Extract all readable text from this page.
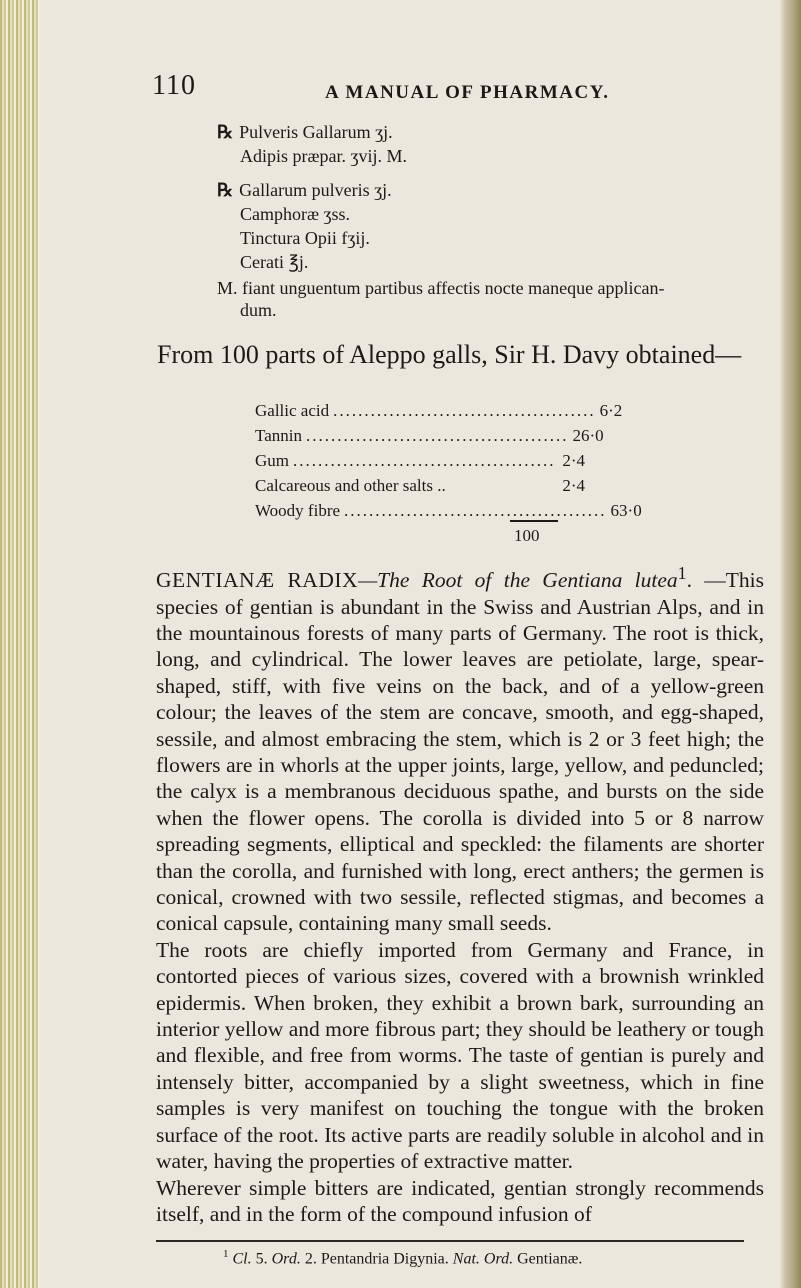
110	A MANUAL OF PHARMACY.
℞ Pulveris Gallarum ʒj.
Adipis præpar. ʒvij. M.
℞ Gallarum pulveris ʒj.
Camphoræ ʒss.
Tinctura Opii fʒij.
Cerati ℥j.
M. fiant unguentum partibus affectis nocte maneque applican-
dum.
From 100 parts of Aleppo galls, Sir H. Davy obtained—
Gallic acid .......................................... 6·2
Tannin .......................................... 26·0
Gum .......................................... 2·4
Calcareous and other salts ..	2·4
Woody fibre .......................................... 63·0
100

GENTIANÆ RADIX—The Root of the Gentiana lutea$^1$. —This species of gentian is abundant in the Swiss and Austrian Alps, and in the mountainous forests of many parts of Germany. The root is thick, long, and cylindrical. The lower leaves are petiolate, large, spear-shaped, stiff, with five veins on the back, and of a yellow-green colour; the leaves of the stem are concave, smooth, and egg-shaped, sessile, and almost embracing the stem, which is 2 or 3 feet high; the flowers are in whorls at the upper joints, large, yellow, and peduncled; the calyx is a membranous deciduous spathe, and bursts on the side when the flower opens. The corolla is divided into 5 or 8 narrow spreading segments, elliptical and speckled: the filaments are shorter than the corolla, and furnished with long, erect anthers; the germen is conical, crowned with two sessile, reflected stigmas, and becomes a conical capsule, containing many small seeds.

The roots are chiefly imported from Germany and France, in contorted pieces of various sizes, covered with a brownish wrinkled epidermis. When broken, they exhibit a brown bark, surrounding an interior yellow and more fibrous part; they should be leathery or tough and flexible, and free from worms. The taste of gentian is purely and intensely bitter, accompanied by a slight sweetness, which in fine samples is very manifest on touching the tongue with the broken surface of the root. Its active parts are readily soluble in alcohol and in water, having the properties of extractive matter.

Wherever simple bitters are indicated, gentian strongly recommends itself, and in the form of the compound infusion of

$^1$ Cl. 5. Ord. 2. Pentandria Digynia. Nat. Ord. Gentianæ.
